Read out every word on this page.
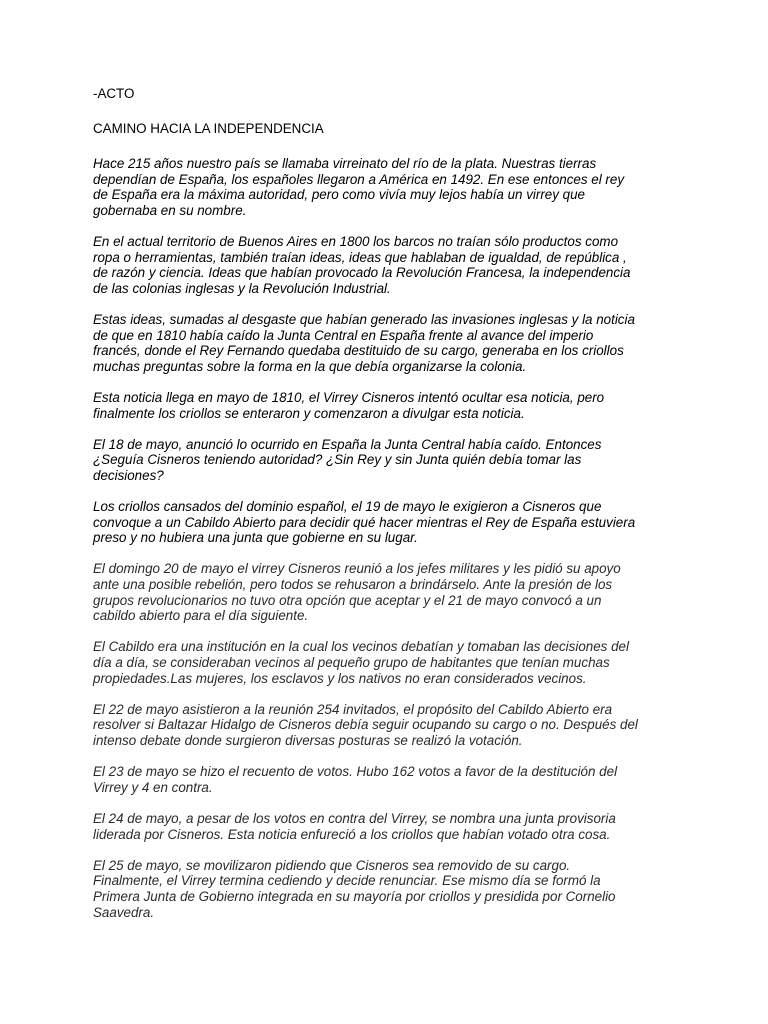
-ACTO

CAMINO HACIA LA INDEPENDENCIA

Hace 215 años nuestro país se llamaba virreinato del río de la plata. Nuestras tierras
dependían de España, los españoles llegaron a América en 1492. En ese entonces el rey
de España era la máxima autoridad, pero como vivía muy lejos había un virrey que
gobernaba en su nombre.

En el actual territorio de Buenos Aires en 1800 los barcos no traían sólo productos como
ropa o herramientas, también traían ideas, ideas que hablaban de igualdad, de república ,
de razón y ciencia. Ideas que habían provocado la Revolución Francesa, la independencia
de las colonias inglesas y la Revolución Industrial.

Estas ideas, sumadas al desgaste que habían generado las invasiones inglesas y la noticia
de que en 1810 había caído la Junta Central en España frente al avance del imperio
francés, donde el Rey Fernando quedaba destituido de su cargo, generaba en los criollos
muchas preguntas sobre la forma en la que debía organizarse la colonia.

Esta noticia llega en mayo de 1810, el Virrey Cisneros intentó ocultar esa noticia, pero
finalmente los criollos se enteraron y comenzaron a divulgar esta noticia.

El 18 de mayo, anunció lo ocurrido en España la Junta Central había caído. Entonces
¿Seguía Cisneros teniendo autoridad? ¿Sin Rey y sin Junta quién debía tomar las
decisiones?

Los criollos cansados del dominio español, el 19 de mayo le exigieron a Cisneros que
convoque a un Cabildo Abierto para decidir qué hacer mientras el Rey de España estuviera
preso y no hubiera una junta que gobierne en su lugar.

El domingo 20 de mayo el virrey Cisneros reunió a los jefes militares y les pidió su apoyo
ante una posible rebelión, pero todos se rehusaron a brindárselo. Ante la presión de los
grupos revolucionarios no tuvo otra opción que aceptar y el 21 de mayo convocó a un
cabildo abierto para el día siguiente.

El Cabildo era una institución en la cual los vecinos debatían y tomaban las decisiones del
día a día, se consideraban vecinos al pequeño grupo de habitantes que tenían muchas
propiedades.Las mujeres, los esclavos y los nativos no eran considerados vecinos.

El 22 de mayo asistieron a la reunión 254 invitados, el propósito del Cabildo Abierto era
resolver si Baltazar Hidalgo de Cisneros debía seguir ocupando su cargo o no. Después del
intenso debate donde surgieron diversas posturas se realizó la votación.

El 23 de mayo se hizo el recuento de votos. Hubo 162 votos a favor de la destitución del
Virrey y 4 en contra.

El 24 de mayo, a pesar de los votos en contra del Virrey, se nombra una junta provisoria
liderada por Cisneros. Esta noticia enfureció a los criollos que habían votado otra cosa.

El 25 de mayo, se movilizaron pidiendo que Cisneros sea removido de su cargo.
Finalmente, el Virrey termina cediendo y decide renunciar. Ese mismo día se formó la
Primera Junta de Gobierno integrada en su mayoría por criollos y presidida por Cornelio
Saavedra.
